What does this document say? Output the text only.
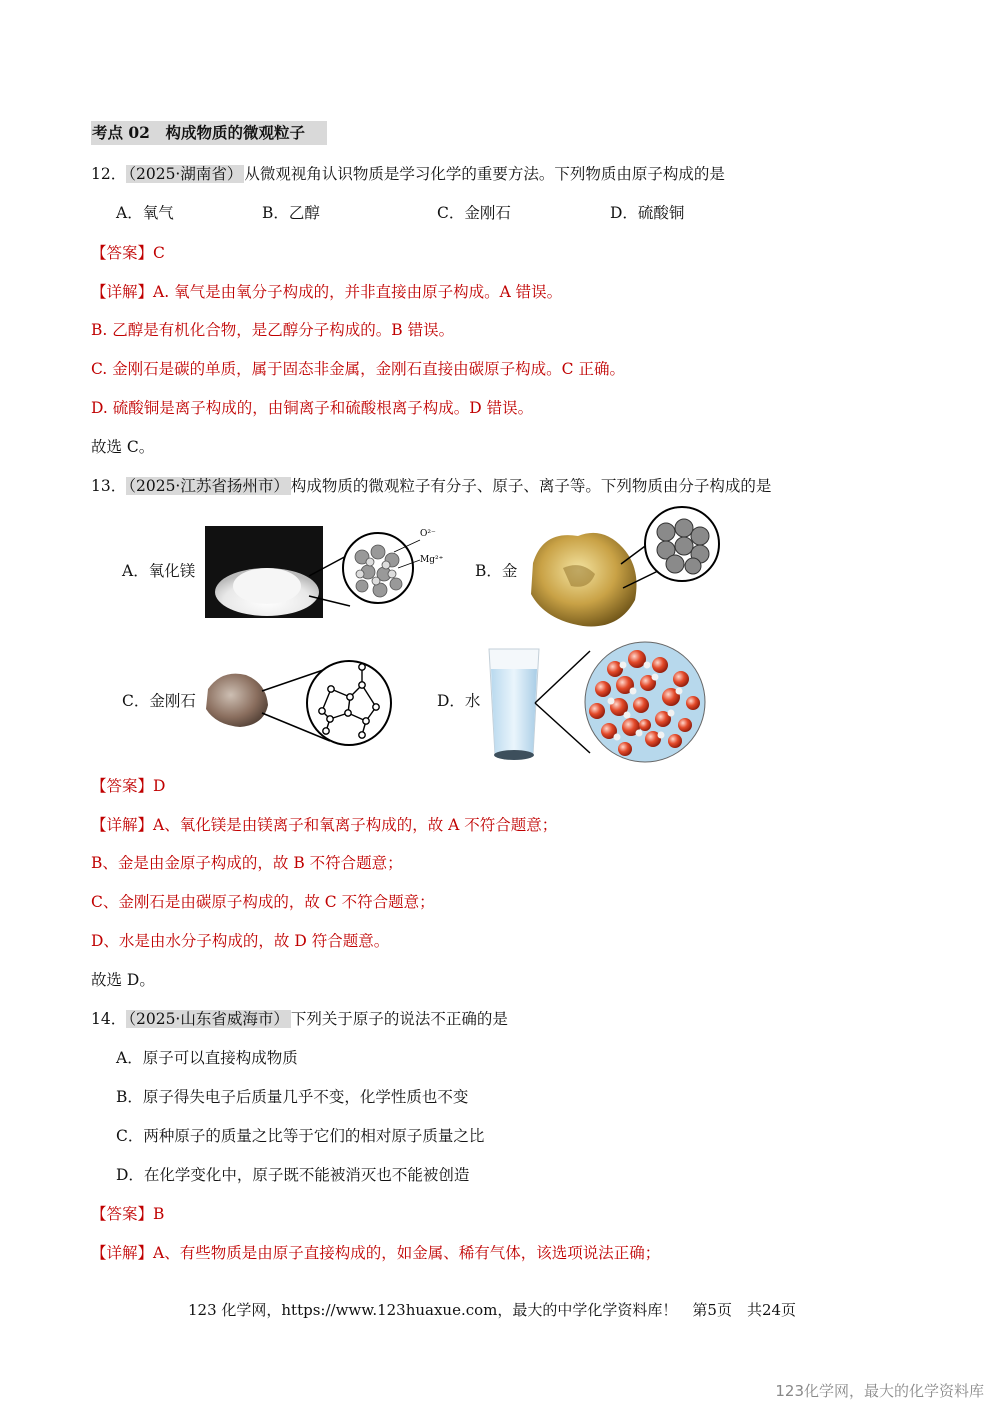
考点 02　构成物质的微观粒子
12． （2025·湖南省） 从微观视角认识物质是学习化学的重要方法。下列物质由原子构成的是
A．氧气	B．乙醇	C．金刚石	D．硫酸铜
【答案】C
【详解】A. 氧气是由氧分子构成的，并非直接由原子构成。A 错误。
B. 乙醇是有机化合物，是乙醇分子构成的。B 错误。
C. 金刚石是碳的单质，属于固态非金属，金刚石直接由碳原子构成。C 正确。
D. 硫酸铜是离子构成的，由铜离子和硫酸根离子构成。D 错误。
故选 C。
13． （2025·江苏省扬州市） 构成物质的微观粒子有分子、原子、离子等。下列物质由分子构成的是
A．氧化镁
O²⁻
Mg²⁺
B．金
C．金刚石	D．水
【答案】D
【详解】A、氧化镁是由镁离子和氧离子构成的，故 A 不符合题意；
B、金是由金原子构成的，故 B 不符合题意；
C、金刚石是由碳原子构成的，故 C 不符合题意；
D、水是由水分子构成的，故 D 符合题意。
故选 D。
14． （2025·山东省威海市） 下列关于原子的说法不正确的是
A．原子可以直接构成物质
B．原子得失电子后质量几乎不变，化学性质也不变
C．两种原子的质量之比等于它们的相对原子质量之比
D．在化学变化中，原子既不能被消灭也不能被创造
【答案】B
【详解】A、有些物质是由原子直接构成的，如金属、稀有气体，该选项说法正确；
123 化学网，https://www.123huaxue.com，最大的中学化学资料库！　第5页　共24页
123化学网，最大的化学资料库
